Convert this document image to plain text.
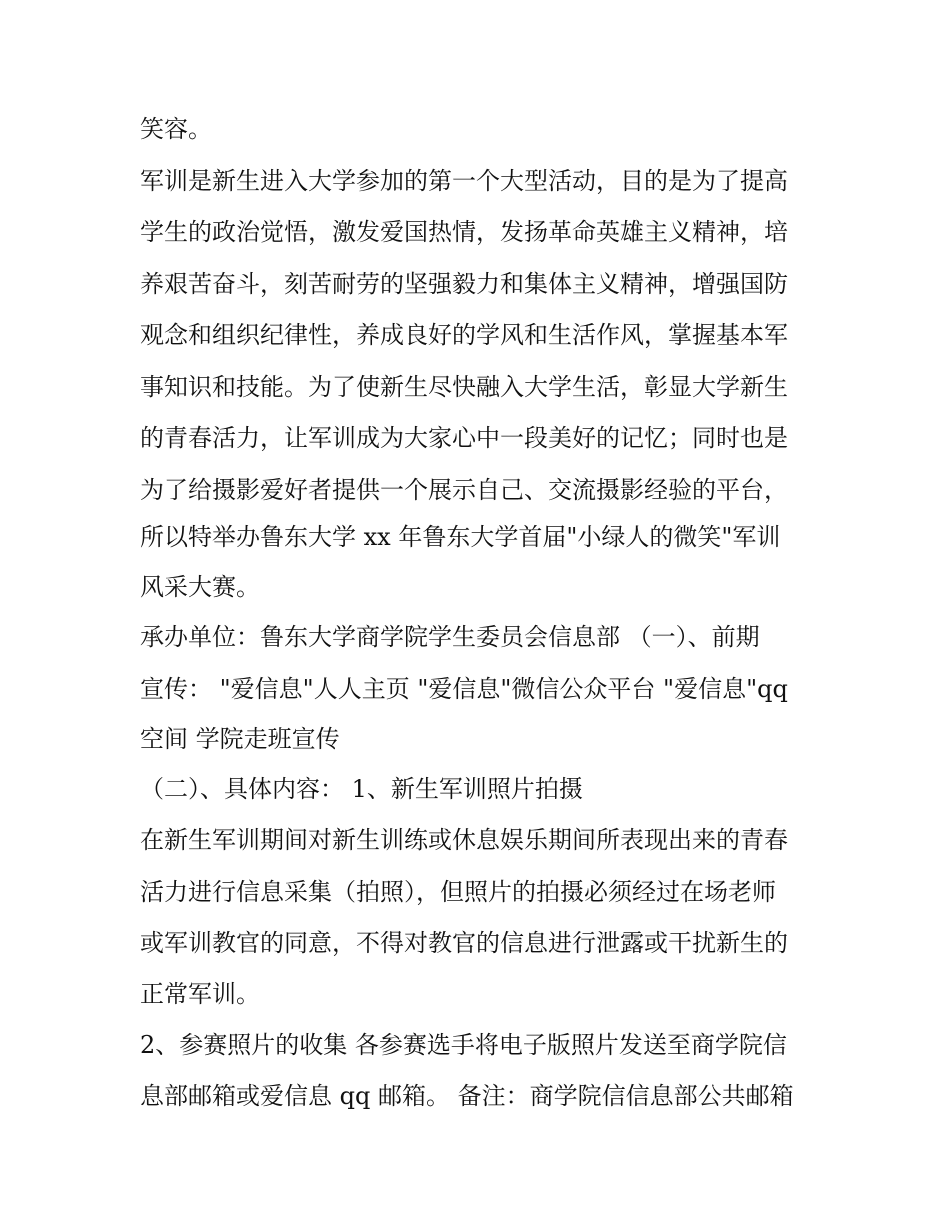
笑容。
军训是新生进入大学参加的第一个大型活动，目的是为了提高
学生的政治觉悟，激发爱国热情，发扬革命英雄主义精神，培
养艰苦奋斗，刻苦耐劳的坚强毅力和集体主义精神，增强国防
观念和组织纪律性，养成良好的学风和生活作风，掌握基本军
事知识和技能。为了使新生尽快融入大学生活，彰显大学新生
的青春活力，让军训成为大家心中一段美好的记忆；同时也是
为了给摄影爱好者提供一个展示自己、交流摄影经验的平台，
所以特举办鲁东大学 xx 年鲁东大学首届"小绿人的微笑"军训
风采大赛。
承办单位：鲁东大学商学院学生委员会信息部 （一）、前期
宣传： "爱信息"人人主页 "爱信息"微信公众平台 "爱信息"qq
空间 学院走班宣传
（二）、具体内容： 1、新生军训照片拍摄
在新生军训期间对新生训练或休息娱乐期间所表现出来的青春
活力进行信息采集（拍照），但照片的拍摄必须经过在场老师
或军训教官的同意，不得对教官的信息进行泄露或干扰新生的
正常军训。
2、参赛照片的收集 各参赛选手将电子版照片发送至商学院信
息部邮箱或爱信息 qq 邮箱。 备注：商学院信信息部公共邮箱
